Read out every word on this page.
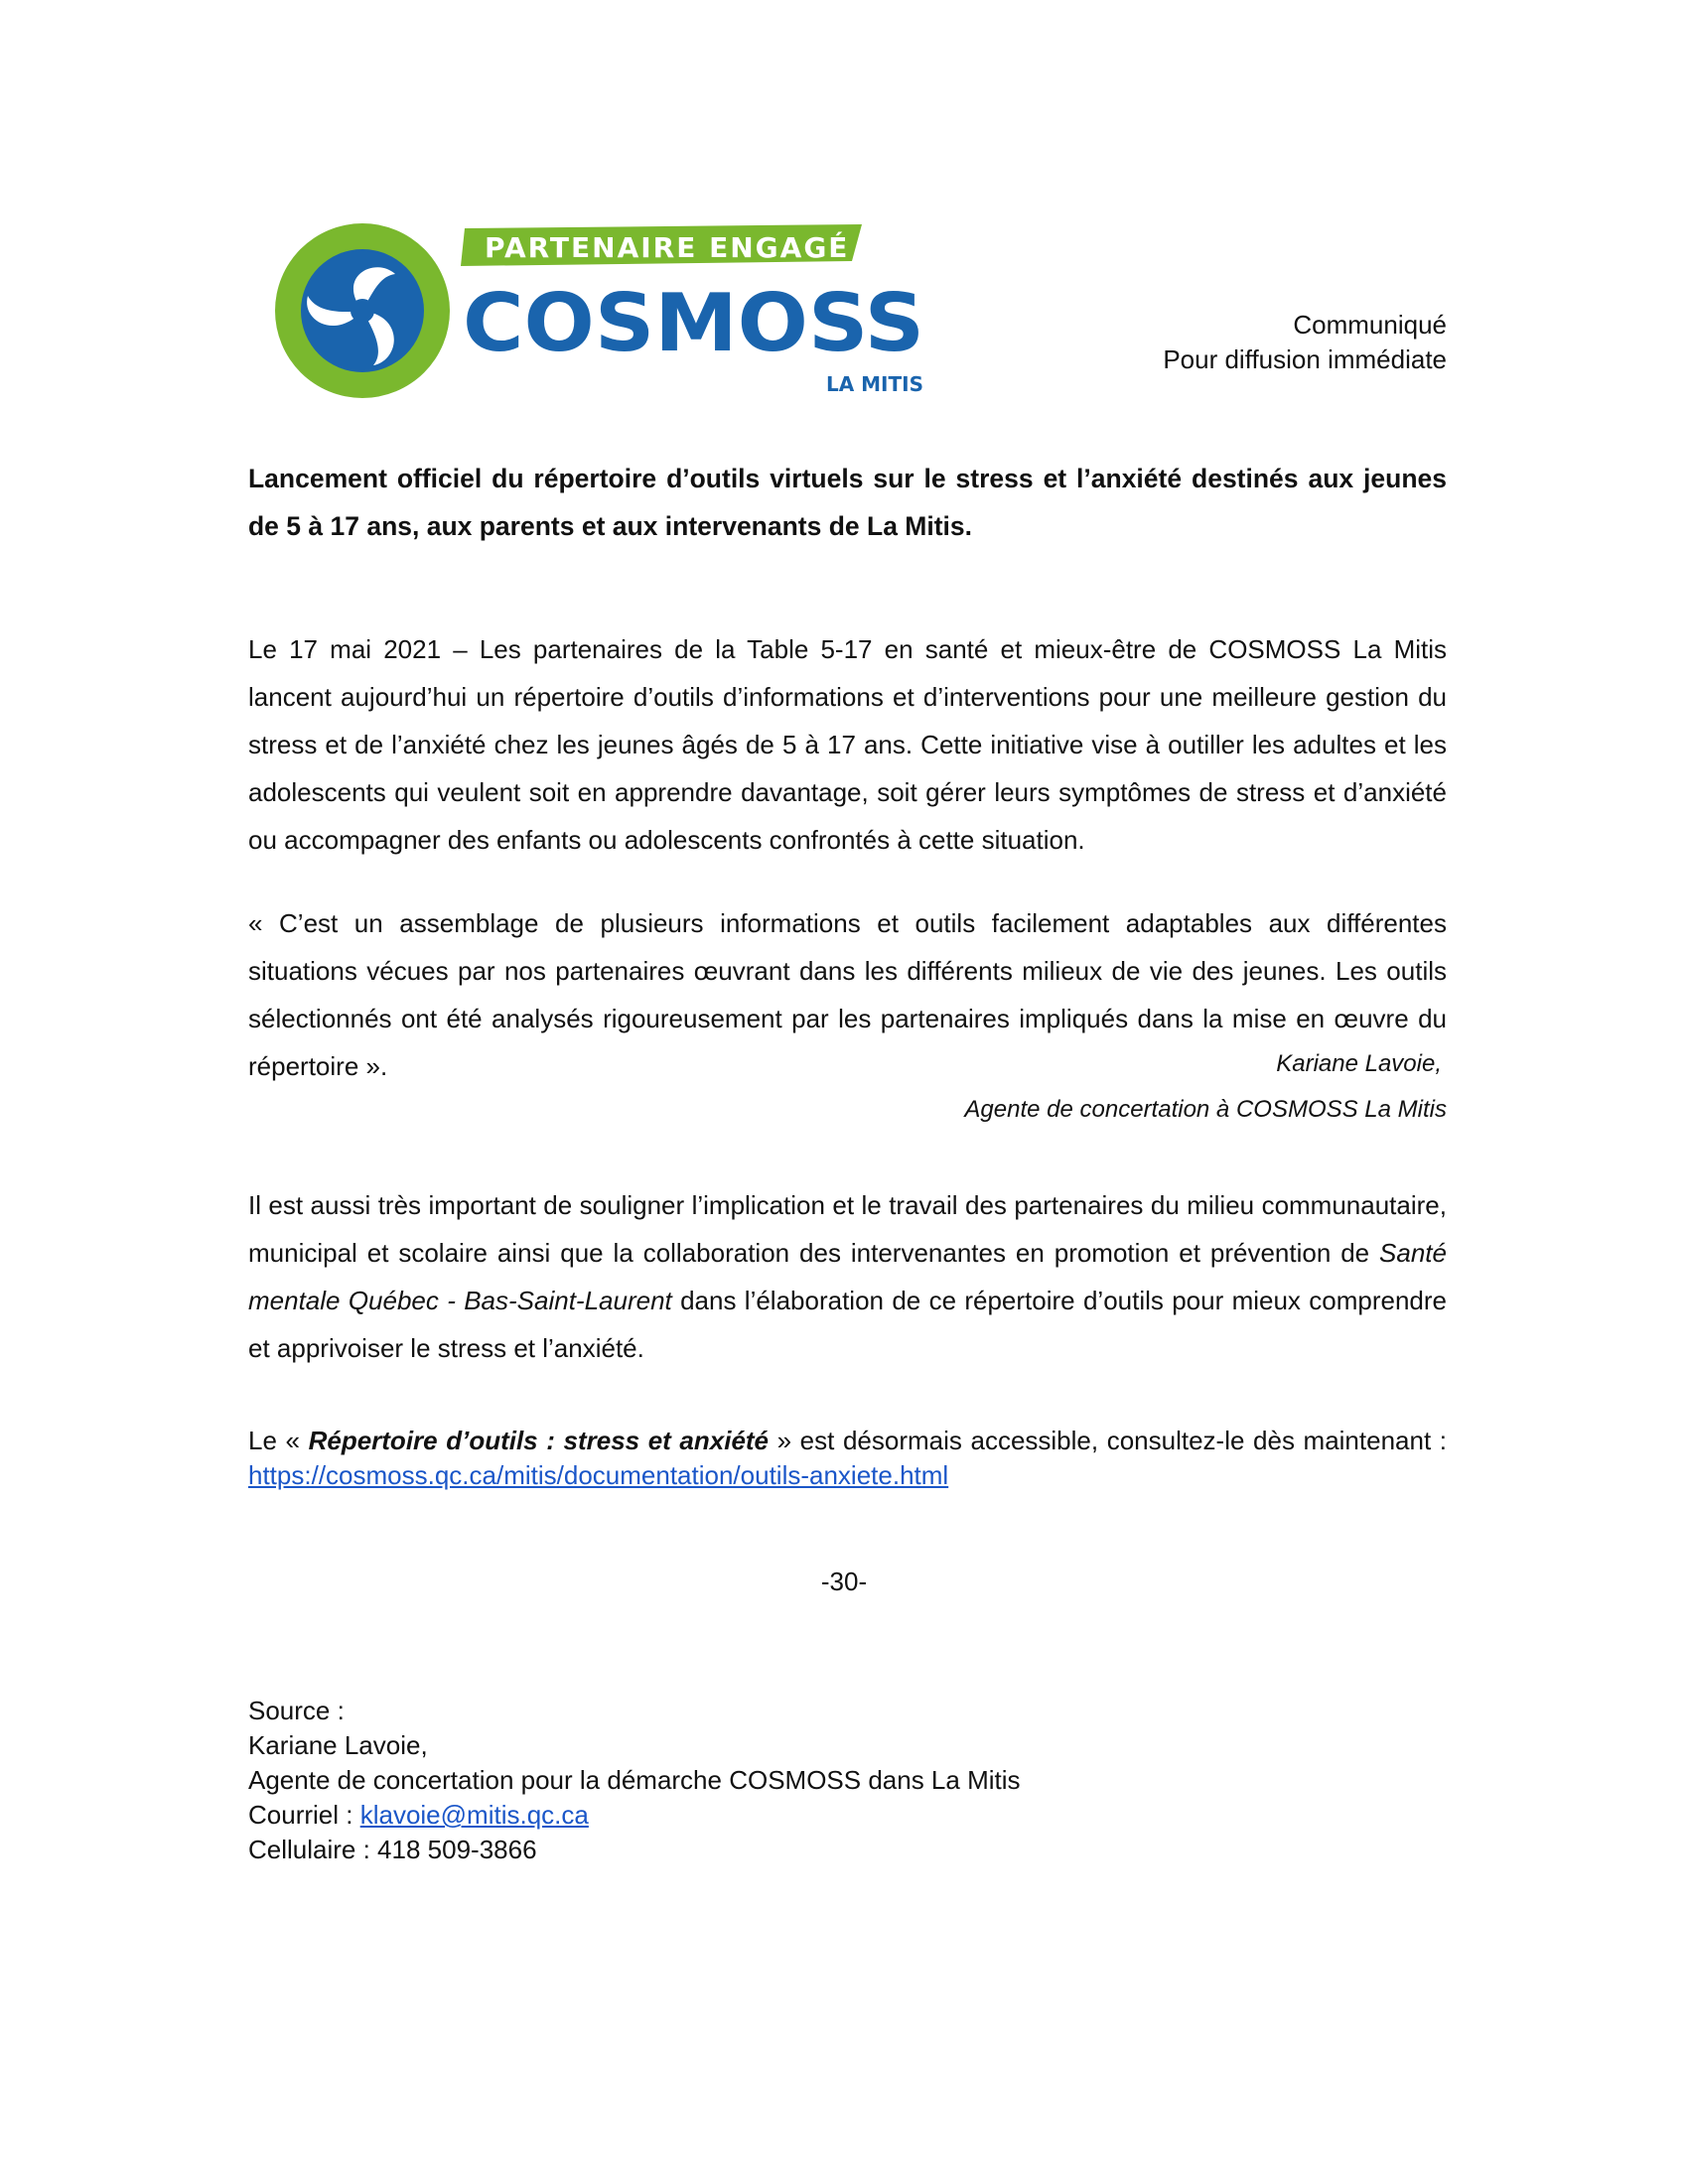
PARTENAIRE ENGAGÉ
COSMOSS
LA MITIS
Communiqué
Pour diffusion immédiate

Lancement officiel du répertoire d’outils virtuels sur le stress et l’anxiété destinés aux jeunes de 5 à 17 ans, aux parents et aux intervenants de La Mitis.

Le 17 mai 2021 – Les partenaires de la Table 5-17 en santé et mieux-être de COSMOSS La Mitis lancent aujourd’hui un répertoire d’outils d’informations et d’interventions pour une meilleure gestion du stress et de l’anxiété chez les jeunes âgés de 5 à 17 ans. Cette initiative vise à outiller les adultes et les adolescents qui veulent soit en apprendre davantage, soit gérer leurs symptômes de stress et d’anxiété ou accompagner des enfants ou adolescents confrontés à cette situation.

« C’est un assemblage de plusieurs informations et outils facilement adaptables aux différentes situations vécues par nos partenaires œuvrant dans les différents milieux de vie des jeunes. Les outils sélectionnés ont été analysés rigoureusement par les partenaires impliqués dans la mise en œuvre du répertoire ».	Kariane Lavoie,
Agente de concertation à COSMOSS La Mitis

Il est aussi très important de souligner l’implication et le travail des partenaires du milieu communautaire, municipal et scolaire ainsi que la collaboration des intervenantes en promotion et prévention de Santé mentale Québec - Bas-Saint-Laurent dans l’élaboration de ce répertoire d’outils pour mieux comprendre et apprivoiser le stress et l’anxiété.

Le « Répertoire d’outils : stress et anxiété » est désormais accessible, consultez-le dès maintenant : https://cosmoss.qc.ca/mitis/documentation/outils-anxiete.html

-30-
Source :
Kariane Lavoie,
Agente de concertation pour la démarche COSMOSS dans La Mitis
Courriel : klavoie@mitis.qc.ca
Cellulaire : 418 509-3866
